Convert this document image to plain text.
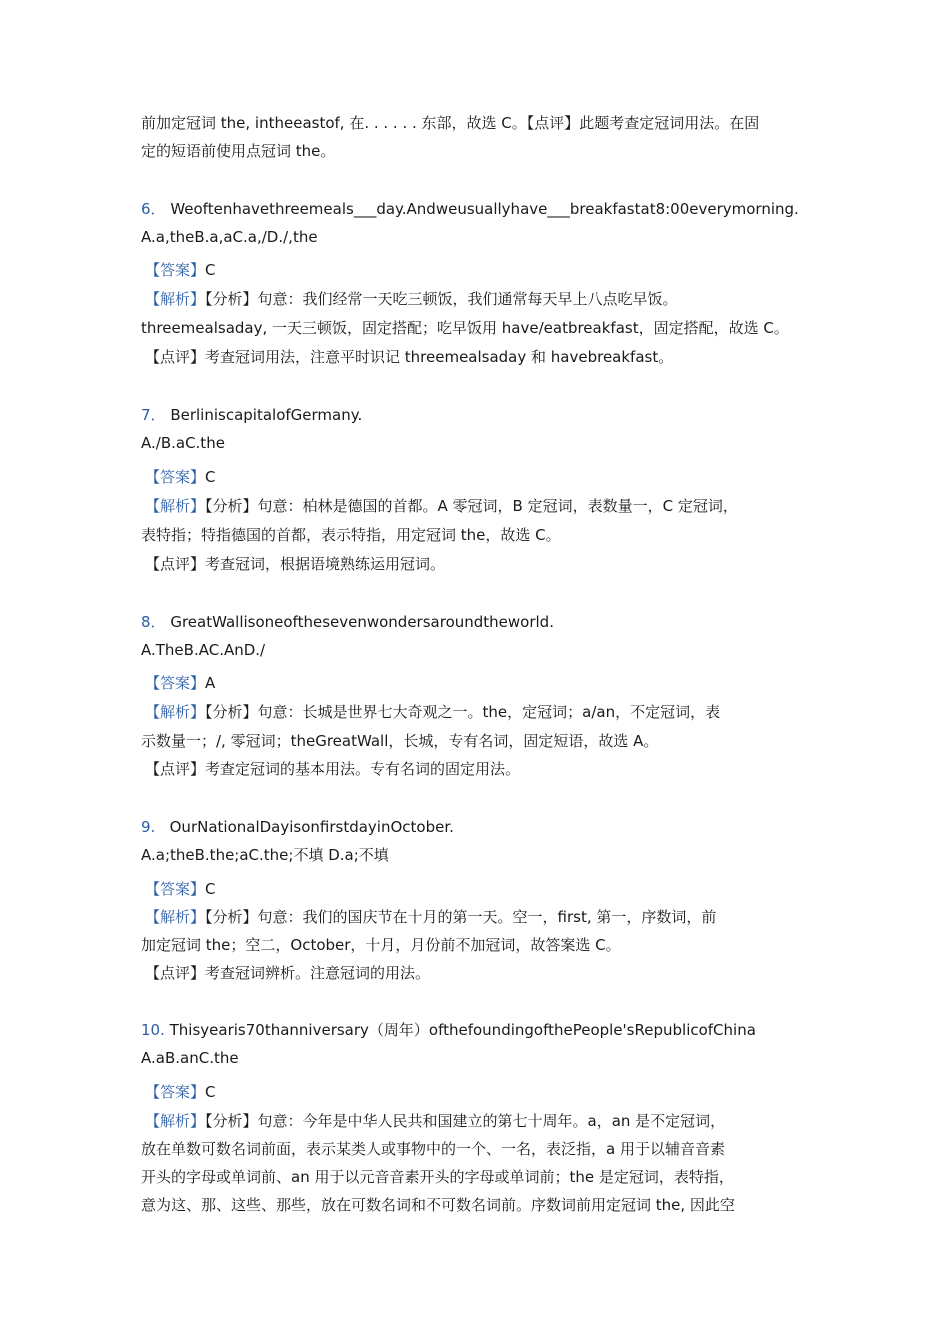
前加定冠词 the, intheeastof, 在. . . . . . 东部，故选 C。【点评】此题考查定冠词用法。在固
定的短语前使用点冠词 the。
6． Weoftenhavethreemeals___day.Andweusuallyhave___breakfastat8:00everymorning.
A.a,theB.a,aC.a,/D./,the
【答案】C
【解析】【分析】句意：我们经常一天吃三顿饭，我们通常每天早上八点吃早饭。
threemealsaday, 一天三顿饭，固定搭配；吃早饭用 have/eatbreakfast，固定搭配，故选 C。
【点评】考查冠词用法，注意平时识记 threemealsaday 和 havebreakfast。
7． BerliniscapitalofGermany.
A./B.aC.the
【答案】C
【解析】【分析】句意：柏林是德国的首都。A 零冠词，B 定冠词，表数量一，C 定冠词，
表特指；特指德国的首都，表示特指，用定冠词 the，故选 C。
【点评】考查冠词，根据语境熟练运用冠词。
8． GreatWallisoneofthesevenwondersaroundtheworld.
A.TheB.AC.AnD./
【答案】A
【解析】【分析】句意：长城是世界七大奇观之一。the，定冠词；a/an，不定冠词，表
示数量一；/, 零冠词；theGreatWall，长城，专有名词，固定短语，故选 A。
【点评】考查定冠词的基本用法。专有名词的固定用法。
9. OurNationalDayisonfirstdayinOctober.
A.a;theB.the;aC.the;不填 D.a;不填
【答案】C
【解析】【分析】句意：我们的国庆节在十月的第一天。空一，first, 第一，序数词，前
加定冠词 the；空二，October，十月，月份前不加冠词，故答案选 C。
【点评】考查冠词辨析。注意冠词的用法。
10. Thisyearis70thanniversary（周年）ofthefoundingofthePeople'sRepublicofChina
A.aB.anC.the
【答案】C
【解析】【分析】句意：今年是中华人民共和国建立的第七十周年。a，an 是不定冠词，
放在单数可数名词前面，表示某类人或事物中的一个、一名，表泛指，a 用于以辅音音素
开头的字母或单词前、an 用于以元音音素开头的字母或单词前；the 是定冠词，表特指，
意为这、那、这些、那些，放在可数名词和不可数名词前。序数词前用定冠词 the, 因此空
